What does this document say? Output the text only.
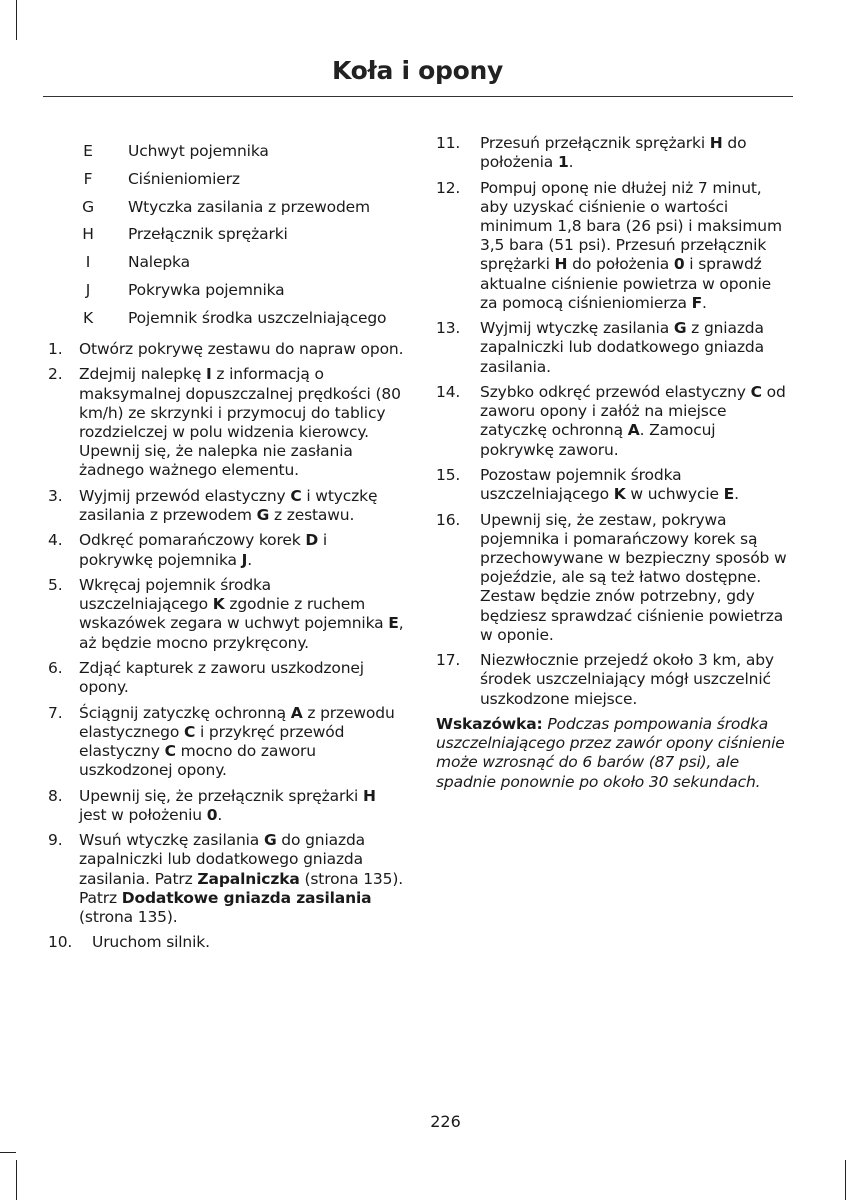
Koła i opony
E	Uchwyt pojemnika
F	Ciśnieniomierz
G	Wtyczka zasilania z przewodem
H	Przełącznik sprężarki
I	Nalepka
J	Pokrywka pojemnika
K	Pojemnik środka uszczelniającego
1.	Otwórz pokrywę zestawu do napraw opon.
2.	Zdejmij nalepkę I z informacją o maksymalnej dopuszczalnej prędkości (80 km/h) ze skrzynki i przymocuj do tablicy rozdzielczej w polu widzenia kierowcy. Upewnij się, że nalepka nie zasłania żadnego ważnego elementu.
3.	Wyjmij przewód elastyczny C i wtyczkę zasilania z przewodem G z zestawu.
4.	Odkręć pomarańczowy korek D i pokrywkę pojemnika J.
5.	Wkręcaj pojemnik środka uszczelniającego K zgodnie z ruchem wskazówek zegara w uchwyt pojemnika E, aż będzie mocno przykręcony.
6.	Zdjąć kapturek z zaworu uszkodzonej opony.
7.	Ściągnij zatyczkę ochronną A z przewodu elastycznego C i przykręć przewód elastyczny C mocno do zaworu uszkodzonej opony.
8.	Upewnij się, że przełącznik sprężarki H jest w położeniu 0.
9.	Wsuń wtyczkę zasilania G do gniazda zapalniczki lub dodatkowego gniazda zasilania. Patrz Zapalniczka (strona 135). Patrz Dodatkowe gniazda zasilania (strona 135).
10.	Uruchom silnik.
11.	Przesuń przełącznik sprężarki H do położenia 1.
12.	Pompuj oponę nie dłużej niż 7 minut, aby uzyskać ciśnienie o wartości minimum 1,8 bara (26 psi) i maksimum 3,5 bara (51 psi). Przesuń przełącznik sprężarki H do położenia 0 i sprawdź aktualne ciśnienie powietrza w oponie za pomocą ciśnieniomierza F.
13.	Wyjmij wtyczkę zasilania G z gniazda zapalniczki lub dodatkowego gniazda zasilania.
14.	Szybko odkręć przewód elastyczny C od zaworu opony i załóż na miejsce zatyczkę ochronną A. Zamocuj pokrywkę zaworu.
15.	Pozostaw pojemnik środka uszczelniającego K w uchwycie E.
16.	Upewnij się, że zestaw, pokrywa pojemnika i pomarańczowy korek są przechowywane w bezpieczny sposób w pojeździe, ale są też łatwo dostępne. Zestaw będzie znów potrzebny, gdy będziesz sprawdzać ciśnienie powietrza w oponie.
17.	Niezwłocznie przejedź około 3 km, aby środek uszczelniający mógł uszczelnić uszkodzone miejsce.
Wskazówka: Podczas pompowania środka uszczelniającego przez zawór opony ciśnienie może wzrosnąć do 6 barów (87 psi), ale spadnie ponownie po około 30 sekundach.
226
